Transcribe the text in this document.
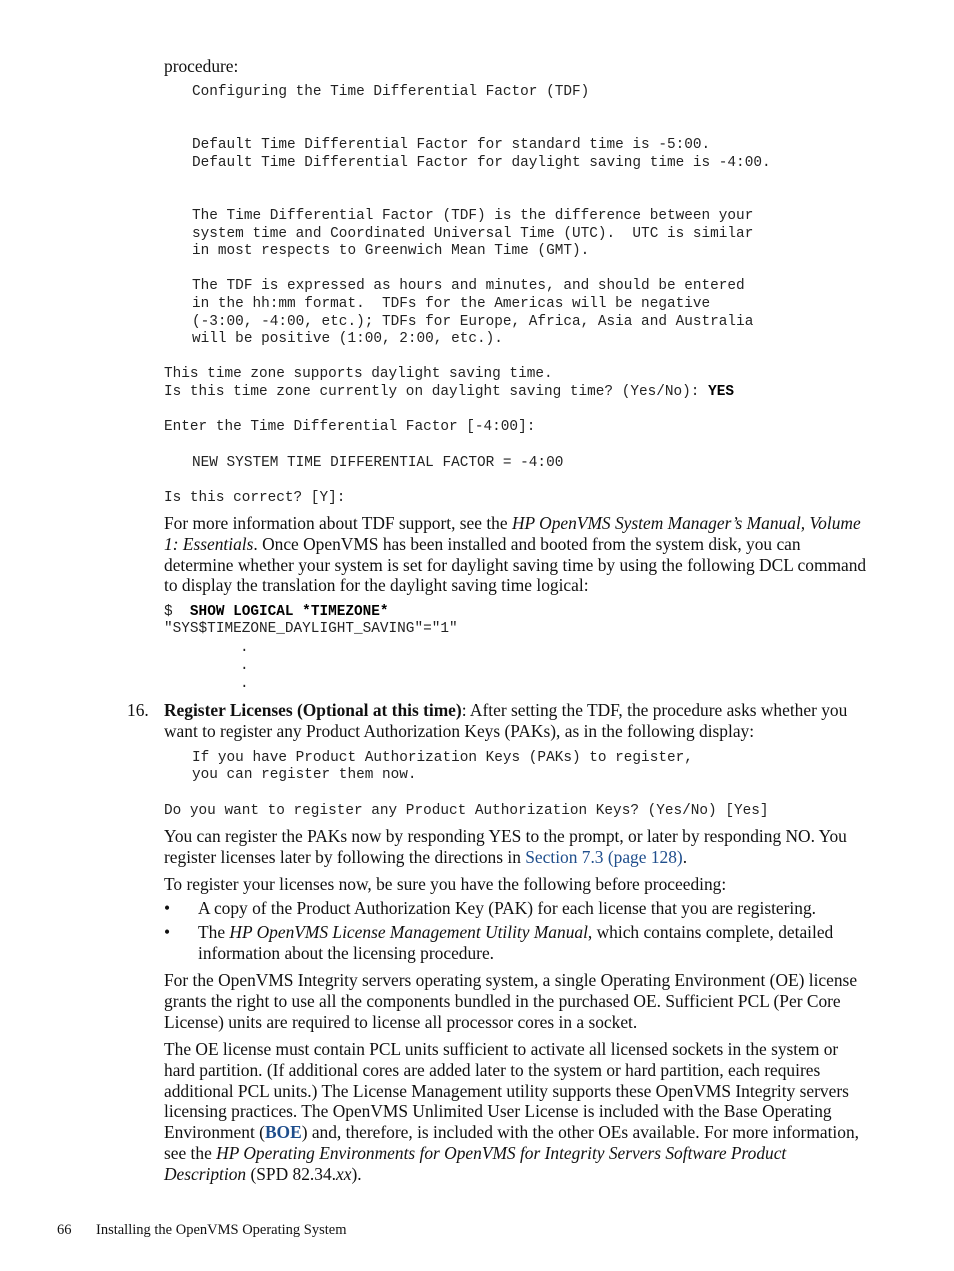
procedure:
Configuring the Time Differential Factor (TDF)
Default Time Differential Factor for standard time is -5:00.
Default Time Differential Factor for daylight saving time is -4:00.
The Time Differential Factor (TDF) is the difference between your
system time and Coordinated Universal Time (UTC).  UTC is similar
in most respects to Greenwich Mean Time (GMT).
The TDF is expressed as hours and minutes, and should be entered
in the hh:mm format.  TDFs for the Americas will be negative
(-3:00, -4:00, etc.); TDFs for Europe, Africa, Asia and Australia
will be positive (1:00, 2:00, etc.).
This time zone supports daylight saving time.
Is this time zone currently on daylight saving time? (Yes/No): YES
Enter the Time Differential Factor [-4:00]:
NEW SYSTEM TIME DIFFERENTIAL FACTOR = -4:00
Is this correct? [Y]:
For more information about TDF support, see the HP OpenVMS System Manager’s Manual, Volume 1: Essentials. Once OpenVMS has been installed and booted from the system disk, you can determine whether your system is set for daylight saving time by using the following DCL command to display the translation for the daylight saving time logical:
$  SHOW LOGICAL *TIMEZONE*
"SYS$TIMEZONE_DAYLIGHT_SAVING"="1"
.
.
.
16. Register Licenses (Optional at this time): After setting the TDF, the procedure asks whether you want to register any Product Authorization Keys (PAKs), as in the following display:
If you have Product Authorization Keys (PAKs) to register,
you can register them now.
Do you want to register any Product Authorization Keys? (Yes/No) [Yes]
You can register the PAKs now by responding YES to the prompt, or later by responding NO. You register licenses later by following the directions in Section 7.3 (page 128).
To register your licenses now, be sure you have the following before proceeding:
• A copy of the Product Authorization Key (PAK) for each license that you are registering.
• The HP OpenVMS License Management Utility Manual, which contains complete, detailed information about the licensing procedure.
For the OpenVMS Integrity servers operating system, a single Operating Environment (OE) license grants the right to use all the components bundled in the purchased OE. Sufficient PCL (Per Core License) units are required to license all processor cores in a socket.
The OE license must contain PCL units sufficient to activate all licensed sockets in the system or hard partition. (If additional cores are added later to the system or hard partition, each requires additional PCL units.) The License Management utility supports these OpenVMS Integrity servers licensing practices. The OpenVMS Unlimited User License is included with the Base Operating Environment (BOE) and, therefore, is included with the other OEs available. For more information, see the HP Operating Environments for OpenVMS for Integrity Servers Software Product Description (SPD 82.34.xx).
66 Installing the OpenVMS Operating System
